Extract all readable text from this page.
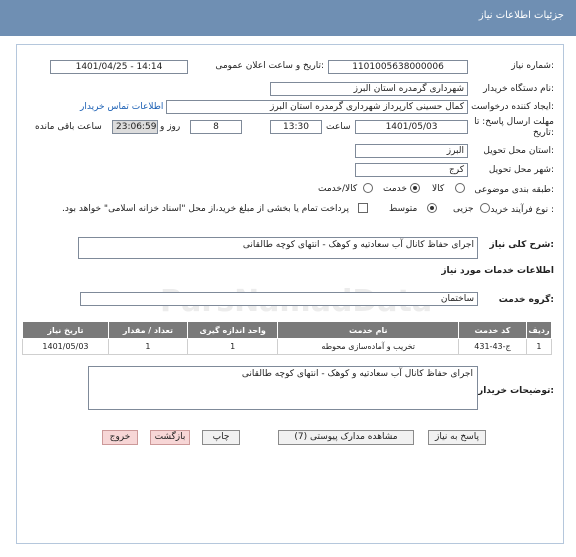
جزئیات اطلاعات نیاز
شماره نیاز:
1101005638000006
تاریخ و ساعت اعلان عمومی:
1401/04/25 - 14:14
نام دستگاه خریدار:
شهرداری گرمدره استان البرز
ایجاد کننده درخواست:
کمال حسینی کارپرداز شهرداری گرمدره استان البرز
اطلاعات تماس خریدار
مهلت ارسال پاسخ: تا تاریخ:
1401/05/03
ساعت
13:30
8
روز و
23:06:59
ساعت باقی مانده
استان محل تحویل:
البرز
شهر محل تحویل:
کرج
طبقه بندی موضوعی:
کالا
خدمت
کالا/خدمت
نوع فرآیند خرید :
جزیی
متوسط
پرداخت تمام یا بخشی از مبلغ خرید،از محل "اسناد خزانه اسلامی" خواهد بود.
شرح کلی نیاز:
اجرای حفاظ کانال آب سعادتیه و کوهک - انتهای کوچه طالقانی
اطلاعات خدمات مورد نیاز
گروه خدمت:
ساختمان
ردیف	کد خدمت	نام خدمت	واحد اندازه گیری	تعداد / مقدار	تاریخ نیاز
1	ج-43-431	تخریب و آماده‌سازی محوطه	1	1	1401/05/03
توضیحات خریدار:
اجرای حفاظ کانال آب سعادتیه و کوهک - انتهای کوچه طالقانی
پاسخ به نیاز
مشاهده مدارک پیوستی (7)
چاپ
بازگشت
خروج
